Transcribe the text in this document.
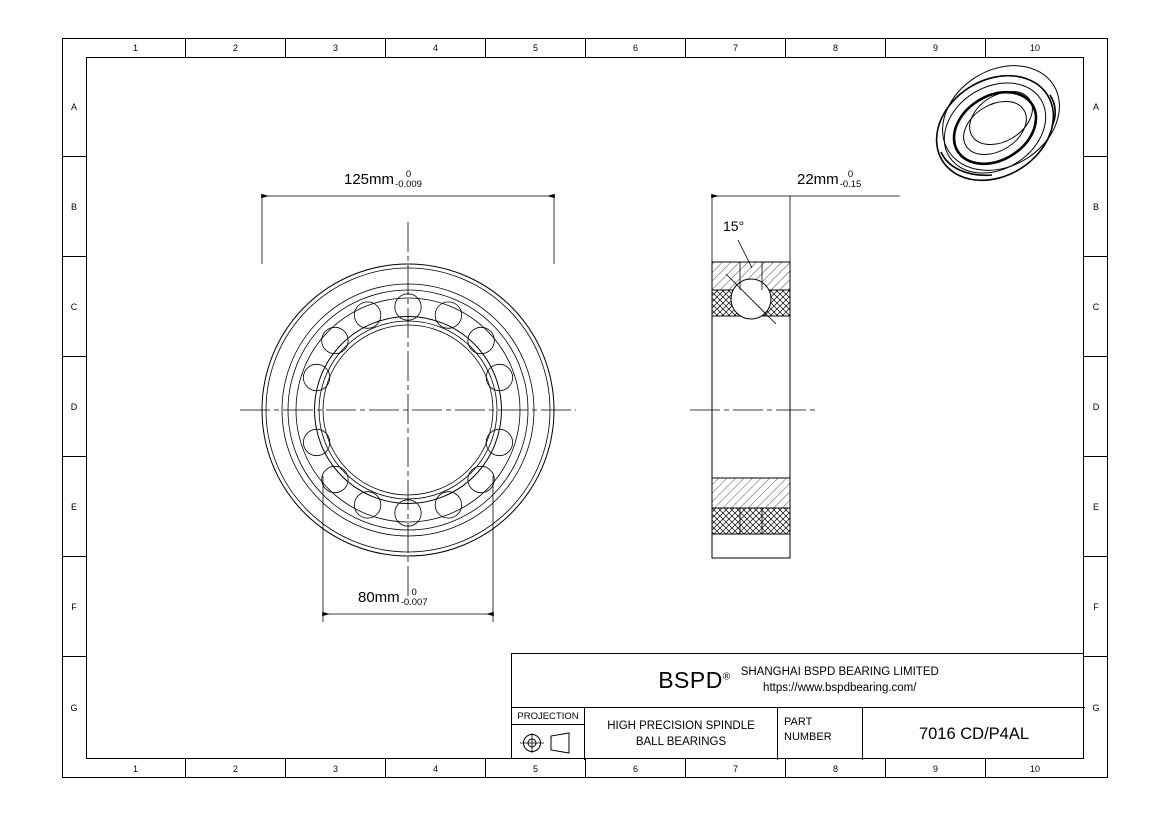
1	2	3	4	5	6	7	8	9	10
1	2	3	4	5	6	7	8	9	10
A
B
C
D
E
F
G
A
B
C
D
E
F
G
125mm	0
-0.009
80mm	0
-0.007
22mm 0
-0.15
15°
BSPD® SHANGHAI BSPD BEARING LIMITED
https://www.bspdbearing.com/
PROJECTION
HIGH PRECISION SPINDLE
BALL BEARINGS
PART
NUMBER	7016 CD/P4AL
